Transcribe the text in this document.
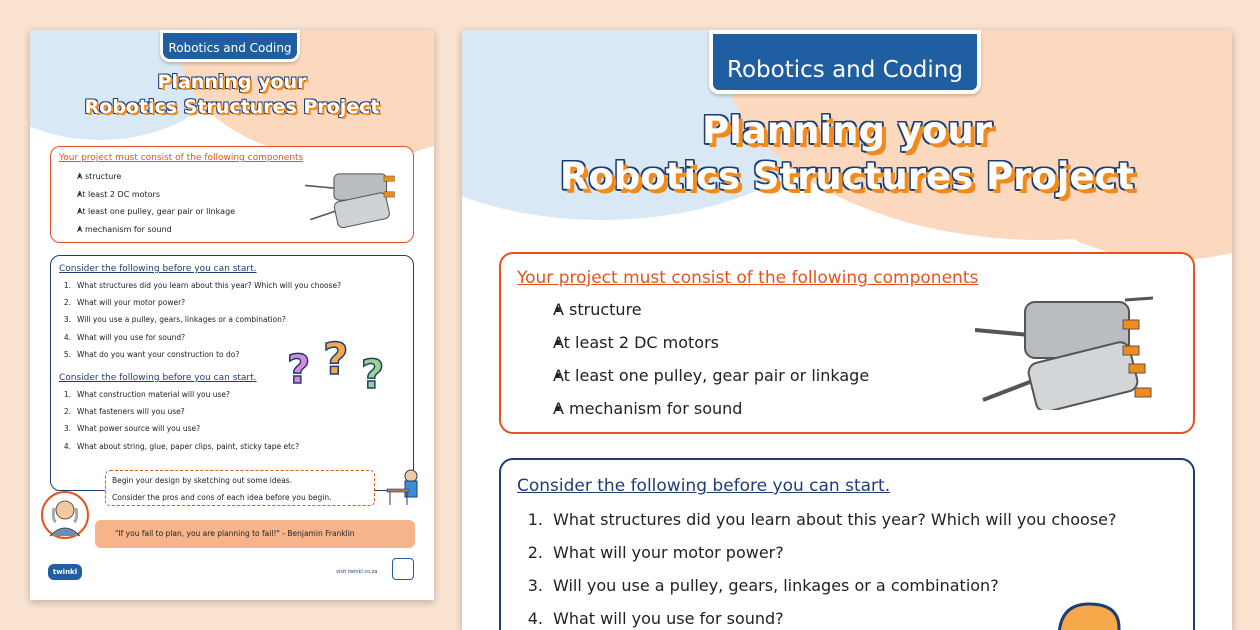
Robotics and Coding
Planning your
Robotics Structures Project
Your project must consist of the following components
• A structure
• At least 2 DC motors
• At least one pulley, gear pair or linkage
• A mechanism for sound
Consider the following before you can start.
1. What structures did you learn about this year? Which will you choose?
2. What will your motor power?
3. Will you use a pulley, gears, linkages or a combination?
4. What will you use for sound?
5. What do you want your construction to do?
Consider the following before you can start.
1. What construction material will you use?
2. What fasteners will you use?
3. What power source will you use?
4. What about string, glue, paper clips, paint, sticky tape etc?
? ? ?
Begin your design by sketching out some ideas.
Consider the pros and cons of each idea before you begin.
"If you fail to plan, you are planning to fail!" - Benjamin Franklin
twinkl	visit twinkl.co.za
Robotics and Coding
Planning your
Robotics Structures Project
Your project must consist of the following components
• A structure
• At least 2 DC motors
• At least one pulley, gear pair or linkage
• A mechanism for sound
Consider the following before you can start.
1. What structures did you learn about this year? Which will you choose?
2. What will your motor power?
3. Will you use a pulley, gears, linkages or a combination?
4. What will you use for sound?
